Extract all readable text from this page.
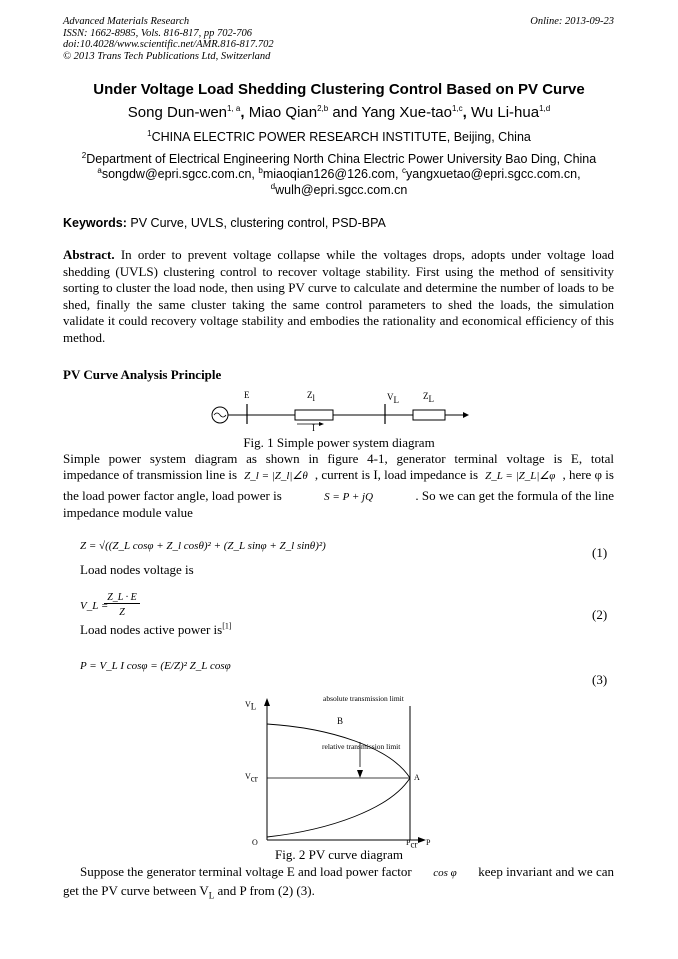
Advanced Materials Research
ISSN: 1662-8985, Vols. 816-817, pp 702-706
doi:10.4028/www.scientific.net/AMR.816-817.702
© 2013 Trans Tech Publications Ltd, Switzerland
Online: 2013-09-23
Under Voltage Load Shedding Clustering Control Based on PV Curve
Song Dun-wen$^{1, a}$, Miao Qian$^{2,b}$ and Yang Xue-tao$^{1,c}$, Wu Li-hua$^{1,d}$
$^1$CHINA ELECTRIC POWER RESEARCH INSTITUTE, Beijing, China
$^2$Department of Electrical Engineering North China Electric Power University Bao Ding, China
$^a$songdw@epri.sgcc.com.cn, $^b$miaoqian126@126.com, $^c$yangxuetao@epri.sgcc.com.cn,
$^d$wulh@epri.sgcc.com.cn
Keywords: PV Curve, UVLS, clustering control, PSD-BPA
Abstract. In order to prevent voltage collapse while the voltages drops, adopts under voltage load shedding (UVLS) clustering control to recover voltage stability. First using the method of sensitivity sorting to cluster the load node, then using PV curve to calculate and determine the number of loads to be shed, finally the same cluster taking the same control parameters to shed the loads, the simulation validate it could recovery voltage stability and embodies the rationality and economical efficiency of this method.
PV Curve Analysis Principle
E	$Z_l$	$V_L$	$Z_L$
I
Fig. 1 Simple power system diagram
Simple power system diagram as shown in figure 4-1, generator terminal voltage is E, total
impedance of transmission line is Z_l = |Z_l|∠θ , current is I, load impedance is Z_L = |Z_L|∠φ , here φ is
the load power factor angle, load power is	S = P + jQ	. So we can get the formula of the line
impedance module value
Z = √((Z_L cosφ + Z_l cosθ)² + (Z_L sinφ + Z_l sinθ)²)	(1)
Load nodes voltage is
V_L =
Z_L · E
Z	(2)
Load nodes active power is[1]
P = V_L I cosφ = (E/Z)² Z_L cosφ
(3)
$V_L$
absolute transmission limit
B
relative transmission limit
$V_{cr}$	A
O	$P_{cr}$ P
Fig. 2 PV curve diagram
Suppose the generator terminal voltage E and load power factor cos φ keep invariant and we can
get the PV curve between $V_L$ and P from (2) (3).
